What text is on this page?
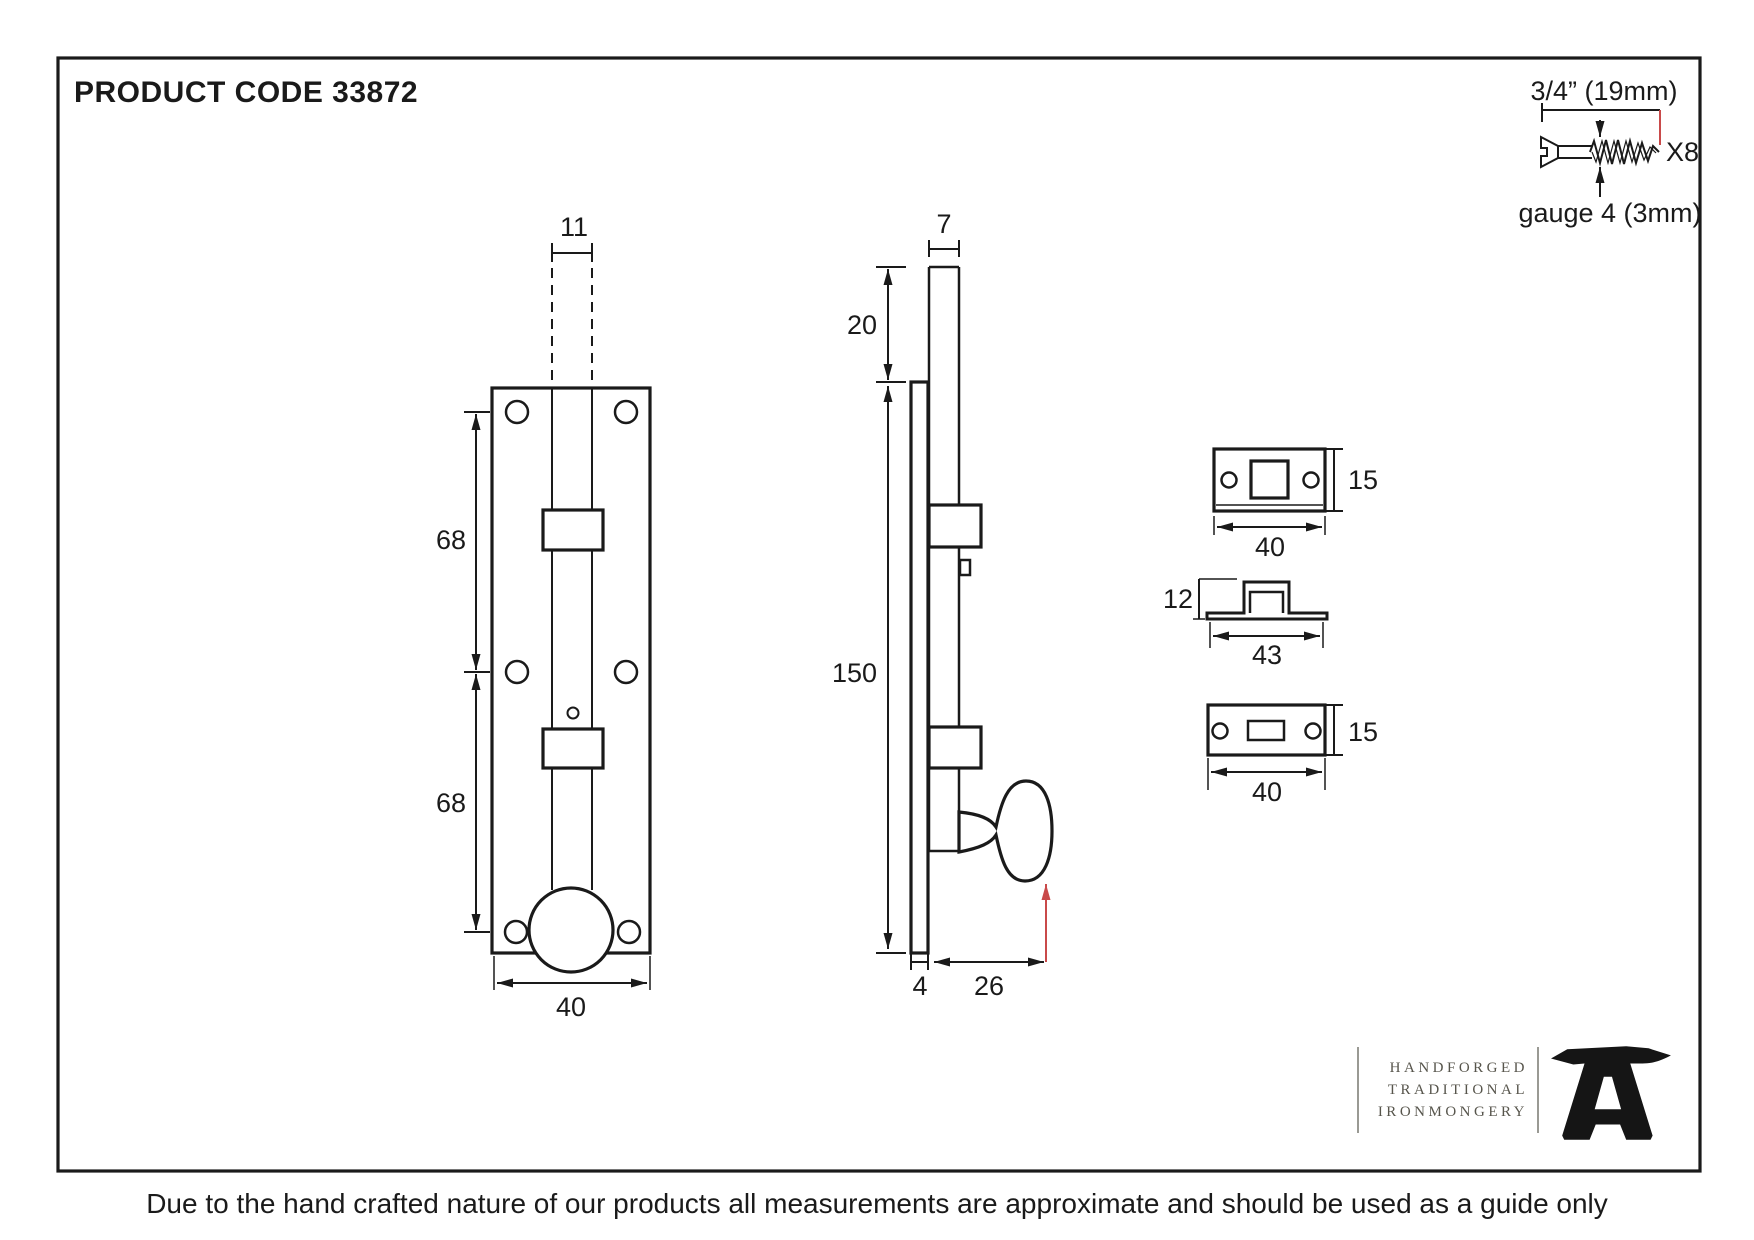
PRODUCT CODE 33872	3/4” (19mm)
X8
gauge 4 (3mm)
11
68
68
40
7
20
150
4 26
15
40
12
43
15
40
HANDFORGED
TRADITIONAL
IRONMONGERY
Due to the hand crafted nature of our products all measurements are approximate and should be used as a guide only
